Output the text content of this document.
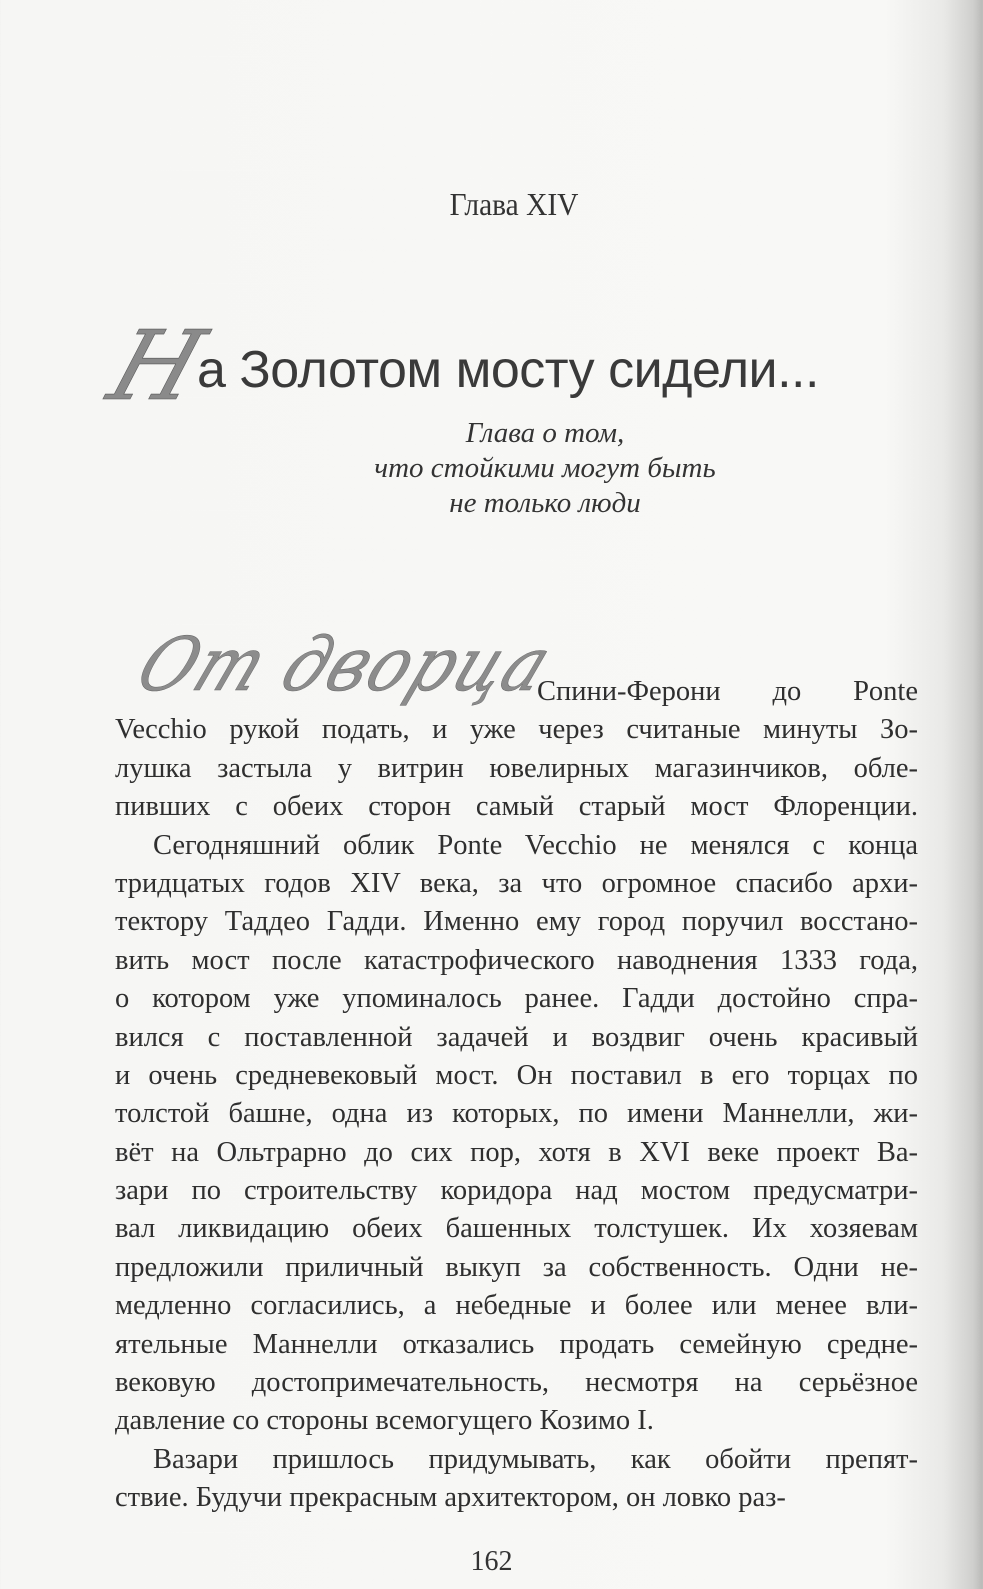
Глава XIV
Н
а Золотом мосту сидели...
Глава о том,
что стойкими могут быть
не только люди
От дворца
Спини-Ферони до Ponte
Vecchio рукой подать, и уже через считаные минуты Зо-
лушка застыла у витрин ювелирных магазинчиков, обле-
пивших с обеих сторон самый старый мост Флоренции.
Сегодняшний облик Ponte Vecchio не менялся с конца
тридцатых годов XIV века, за что огромное спасибо архи-
тектору Таддео Гадди. Именно ему город поручил восстано-
вить мост после катастрофического наводнения 1333 года,
о котором уже упоминалось ранее. Гадди достойно спра-
вился с поставленной задачей и воздвиг очень красивый
и очень средневековый мост. Он поставил в его торцах по
толстой башне, одна из которых, по имени Маннелли, жи-
вёт на Ольтрарно до сих пор, хотя в XVI веке проект Ва-
зари по строительству коридора над мостом предусматри-
вал ликвидацию обеих башенных толстушек. Их хозяевам
предложили приличный выкуп за собственность. Одни не-
медленно согласились, а небедные и более или менее вли-
ятельные Маннелли отказались продать семейную средне-
вековую достопримечательность, несмотря на серьёзное
давление со стороны всемогущего Козимо I.
Вазари пришлось придумывать, как обойти препят-
ствие. Будучи прекрасным архитектором, он ловко раз-
162
